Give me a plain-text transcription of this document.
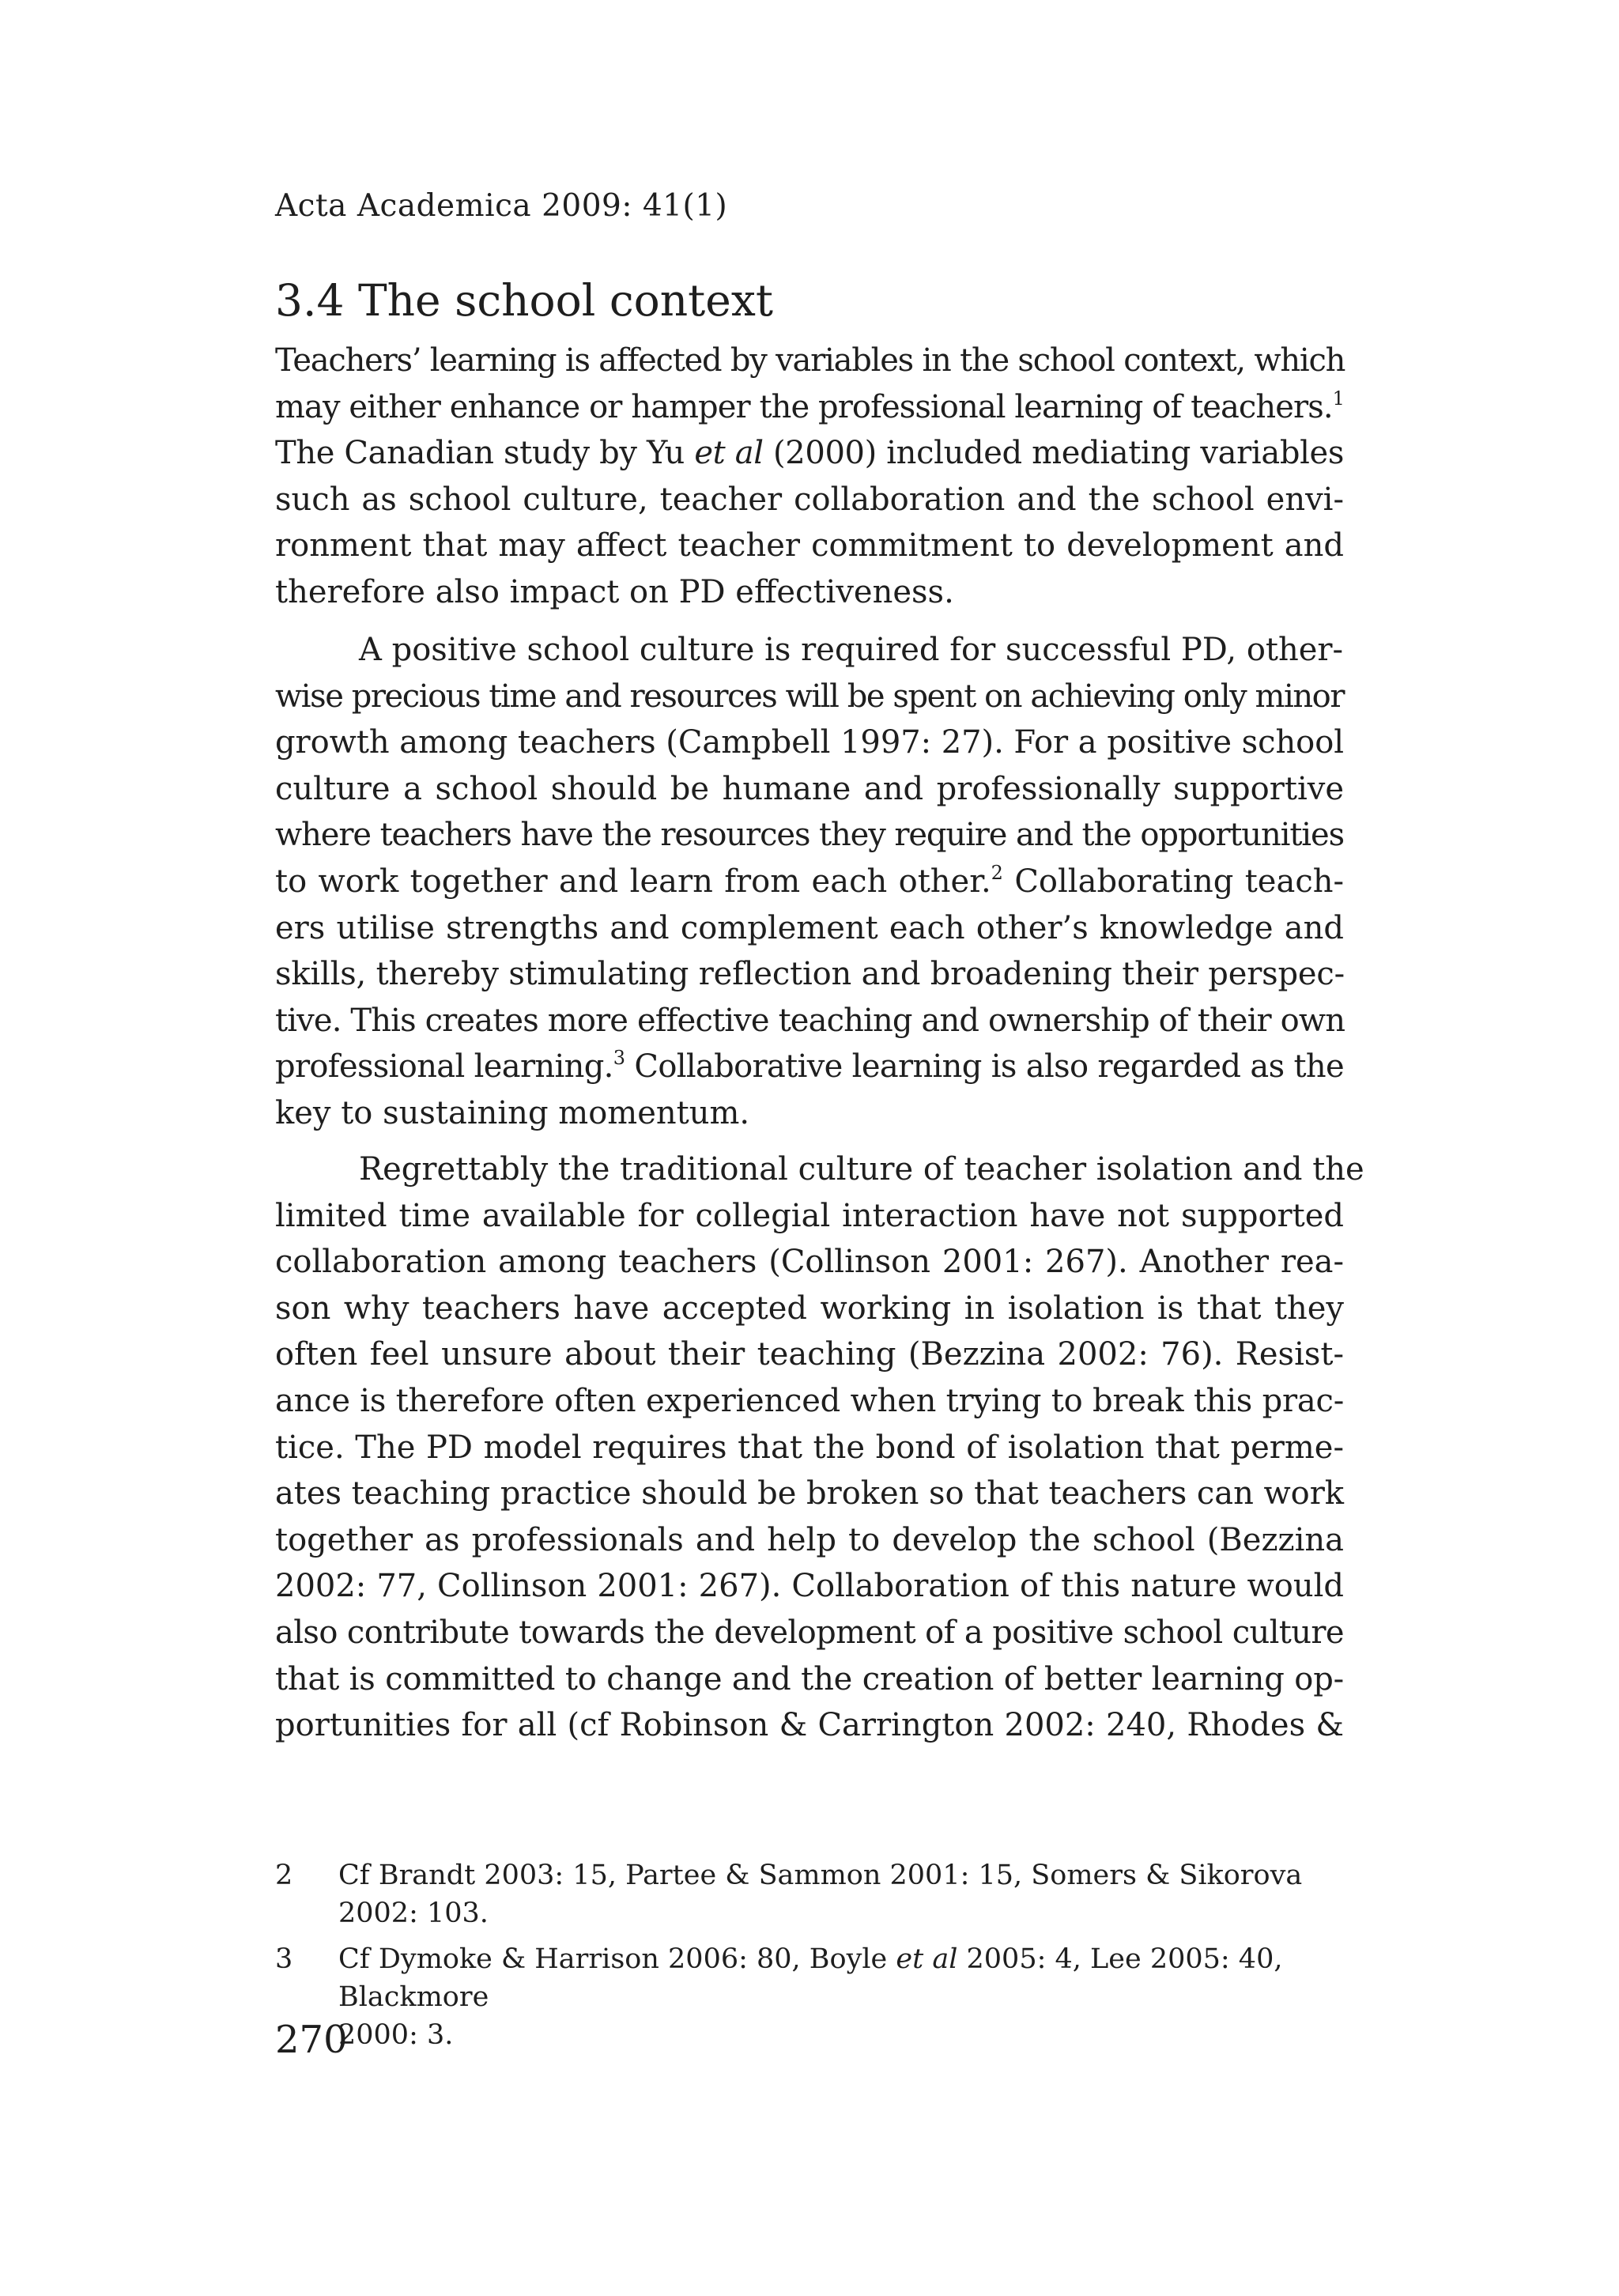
Acta Academica 2009: 41(1)
3.4 The school context
Teachers’ learning is affected by variables in the school context, which
may either enhance or hamper the professional learning of teachers.$^1$
The Canadian study by Yu et al (2000) included mediating variables
such as school culture, teacher collaboration and the school envi-
ronment that may affect teacher commitment to development and
therefore also impact on PD effectiveness.
A positive school culture is required for successful PD, other-
wise precious time and resources will be spent on achieving only minor
growth among teachers (Campbell 1997: 27). For a positive school
culture a school should be humane and professionally supportive
where teachers have the resources they require and the opportunities
to work together and learn from each other.$^2$ Collaborating teach-
ers utilise strengths and complement each other’s knowledge and
skills, thereby stimulating reflection and broadening their perspec-
tive. This creates more effective teaching and ownership of their own
professional learning.$^3$ Collaborative learning is also regarded as the
key to sustaining momentum.
Regrettably the traditional culture of teacher isolation and the
limited time available for collegial interaction have not supported
collaboration among teachers (Collinson 2001: 267). Another rea-
son why teachers have accepted working in isolation is that they
often feel unsure about their teaching (Bezzina 2002: 76). Resist-
ance is therefore often experienced when trying to break this prac-
tice. The PD model requires that the bond of isolation that perme-
ates teaching practice should be broken so that teachers can work
together as professionals and help to develop the school (Bezzina
2002: 77, Collinson 2001: 267). Collaboration of this nature would
also contribute towards the development of a positive school culture
that is committed to change and the creation of better learning op-
portunities for all (cf Robinson & Carrington 2002: 240, Rhodes &
2 Cf Brandt 2003: 15, Partee & Sammon 2001: 15, Somers & Sikorova 2002: 103.
3 Cf Dymoke & Harrison 2006: 80, Boyle et al 2005: 4, Lee 2005: 40, Blackmore
2000: 3.
270
